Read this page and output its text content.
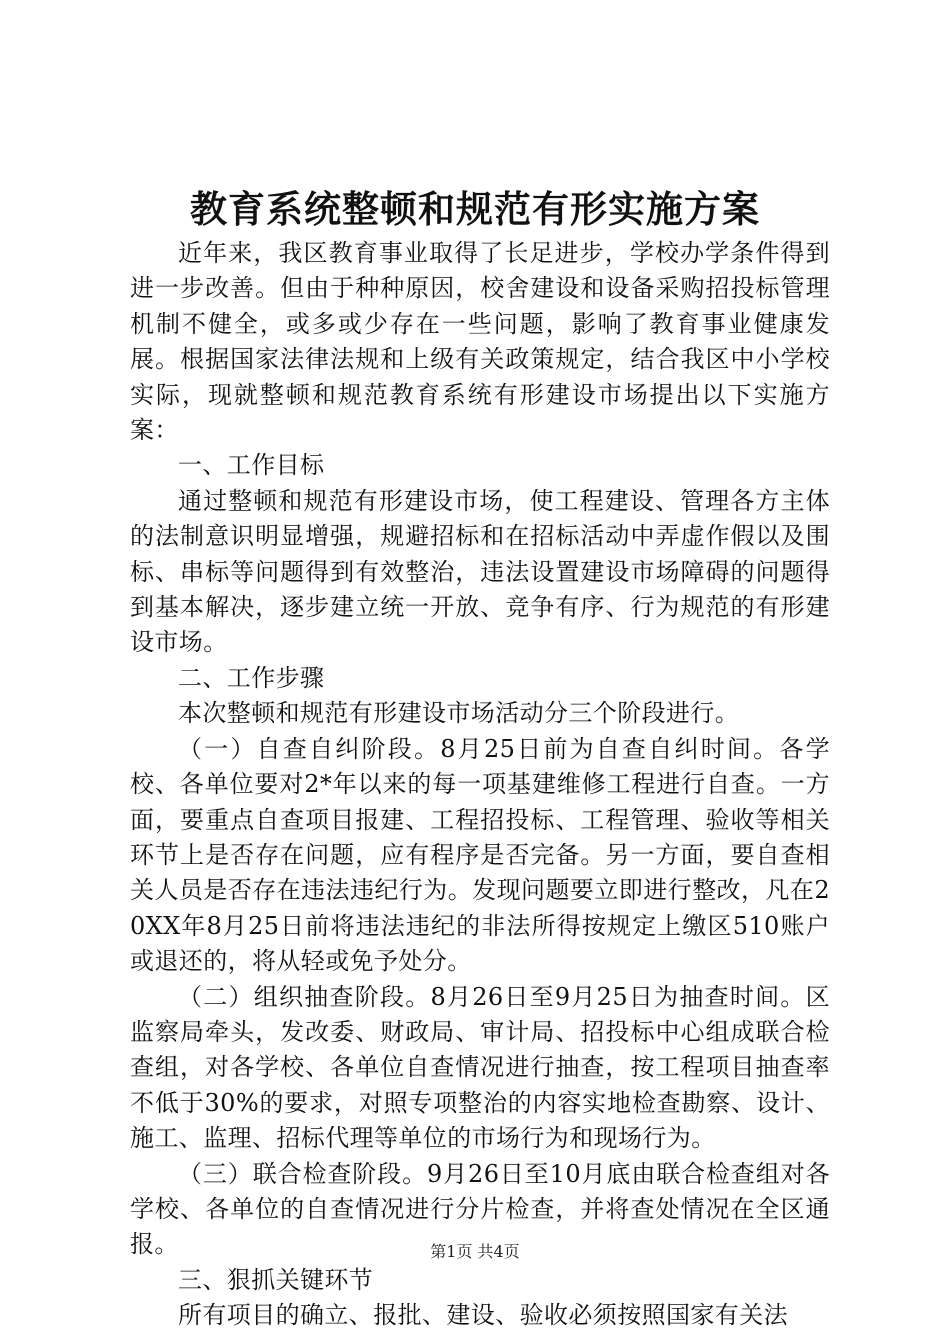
教育系统整顿和规范有形实施方案

近年来，我区教育事业取得了长足进步，学校办学条件得到进一步改善。但由于种种原因，校舍建设和设备采购招投标管理机制不健全，或多或少存在一些问题，影响了教育事业健康发展。根据国家法律法规和上级有关政策规定，结合我区中小学校实际，现就整顿和规范教育系统有形建设市场提出以下实施方案：

一、工作目标

通过整顿和规范有形建设市场，使工程建设、管理各方主体的法制意识明显增强，规避招标和在招标活动中弄虚作假以及围标、串标等问题得到有效整治，违法设置建设市场障碍的问题得到基本解决，逐步建立统一开放、竞争有序、行为规范的有形建设市场。

二、工作步骤

本次整顿和规范有形建设市场活动分三个阶段进行。

（一）自查自纠阶段。8月25日前为自查自纠时间。各学校、各单位要对2*年以来的每一项基建维修工程进行自查。一方面，要重点自查项目报建、工程招投标、工程管理、验收等相关环节上是否存在问题，应有程序是否完备。另一方面，要自查相关人员是否存在违法违纪行为。发现问题要立即进行整改，凡在20XX年8月25日前将违法违纪的非法所得按规定上缴区510账户或退还的，将从轻或免予处分。

（二）组织抽查阶段。8月26日至9月25日为抽查时间。区监察局牵头，发改委、财政局、审计局、招投标中心组成联合检查组，对各学校、各单位自查情况进行抽查，按工程项目抽查率不低于30%的要求，对照专项整治的内容实地检查勘察、设计、施工、监理、招标代理等单位的市场行为和现场行为。

（三）联合检查阶段。9月26日至10月底由联合检查组对各学校、各单位的自查情况进行分片检查，并将查处情况在全区通报。

三、狠抓关键环节

所有项目的确立、报批、建设、验收必须按照国家有关法

第1页 共4页
